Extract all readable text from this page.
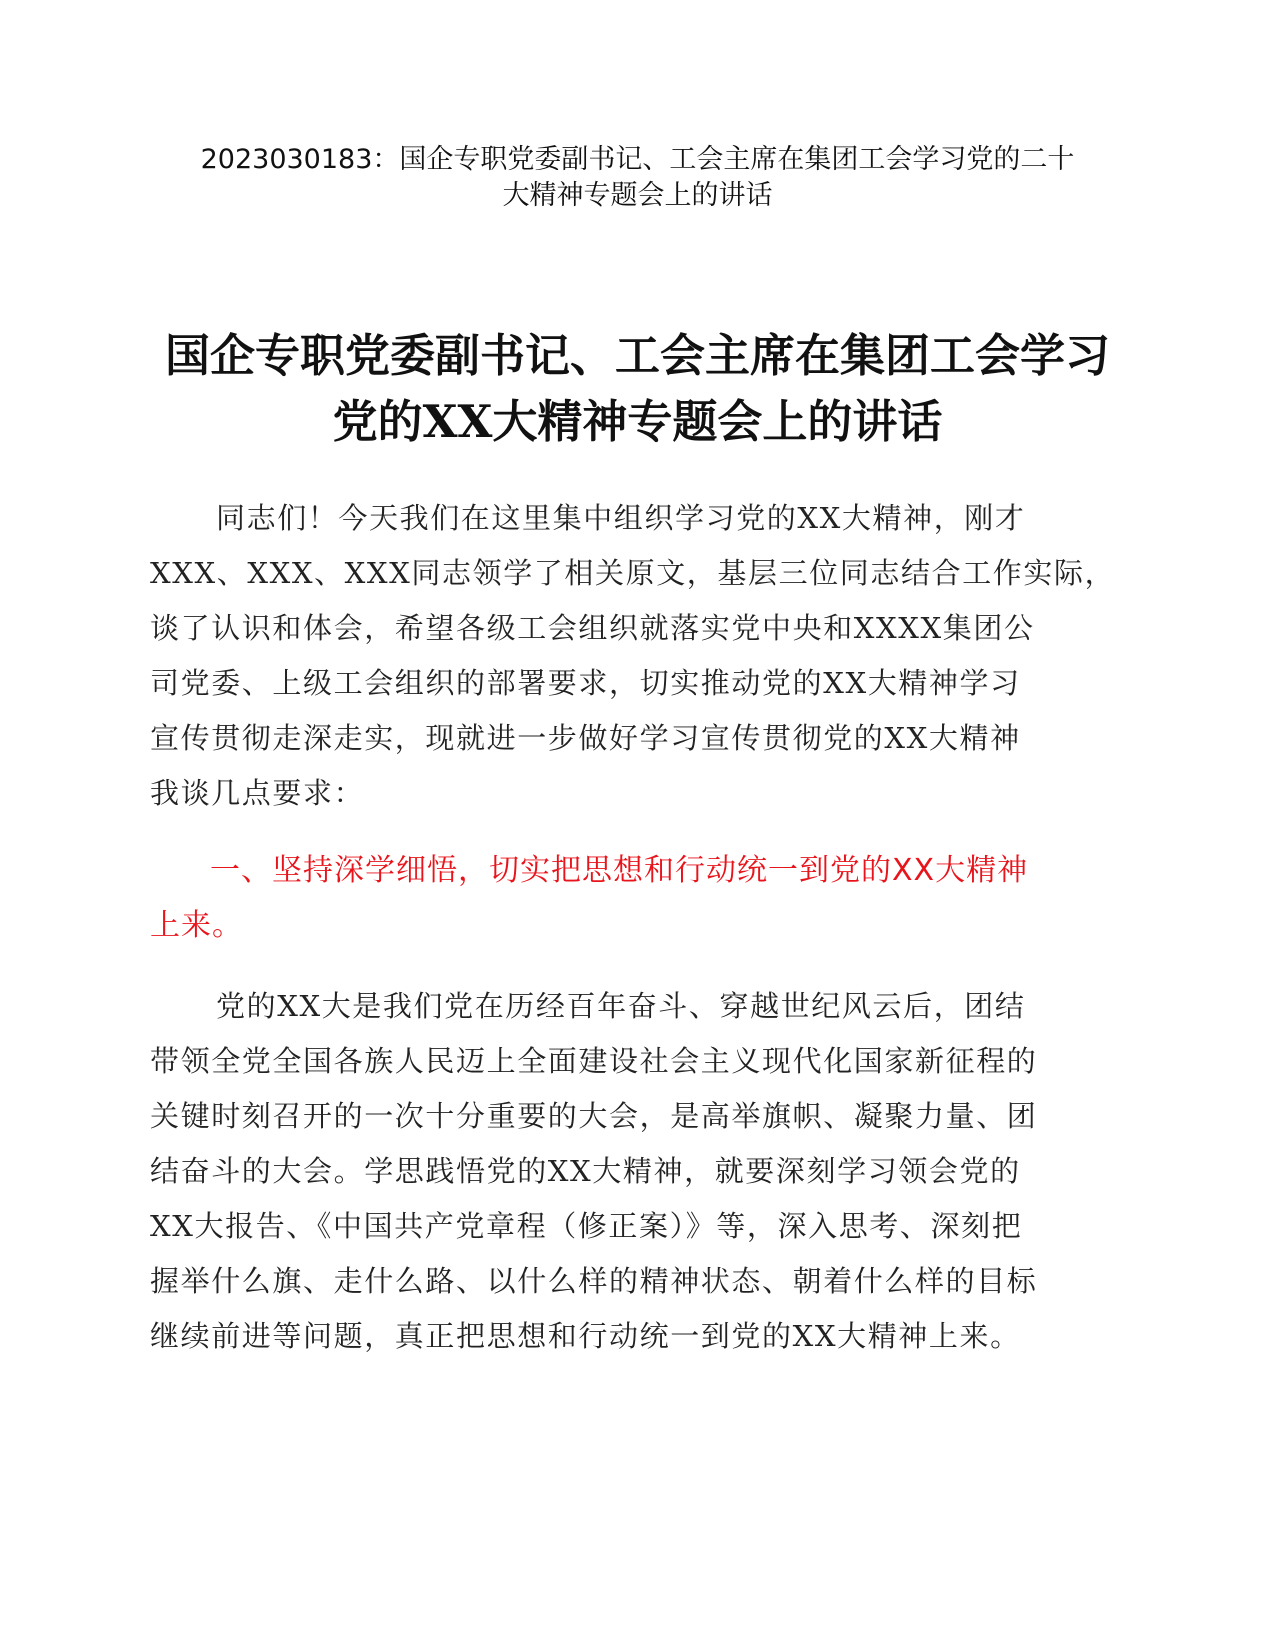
2023030183：国企专职党委副书记、工会主席在集团工会学习党的二十
大精神专题会上的讲话
国企专职党委副书记、工会主席在集团工会学习
党的XX大精神专题会上的讲话
同志们！今天我们在这里集中组织学习党的XX大精神，刚才
XXX、XXX、XXX同志领学了相关原文，基层三位同志结合工作实际，
谈了认识和体会，希望各级工会组织就落实党中央和XXXX集团公
司党委、上级工会组织的部署要求，切实推动党的XX大精神学习
宣传贯彻走深走实，现就进一步做好学习宣传贯彻党的XX大精神
我谈几点要求：
一、坚持深学细悟，切实把思想和行动统一到党的XX大精神
上来。
党的XX大是我们党在历经百年奋斗、穿越世纪风云后，团结
带领全党全国各族人民迈上全面建设社会主义现代化国家新征程的
关键时刻召开的一次十分重要的大会，是高举旗帜、凝聚力量、团
结奋斗的大会。学思践悟党的XX大精神，就要深刻学习领会党的
XX大报告、《中国共产党章程（修正案）》等，深入思考、深刻把
握举什么旗、走什么路、以什么样的精神状态、朝着什么样的目标
继续前进等问题，真正把思想和行动统一到党的XX大精神上来。
